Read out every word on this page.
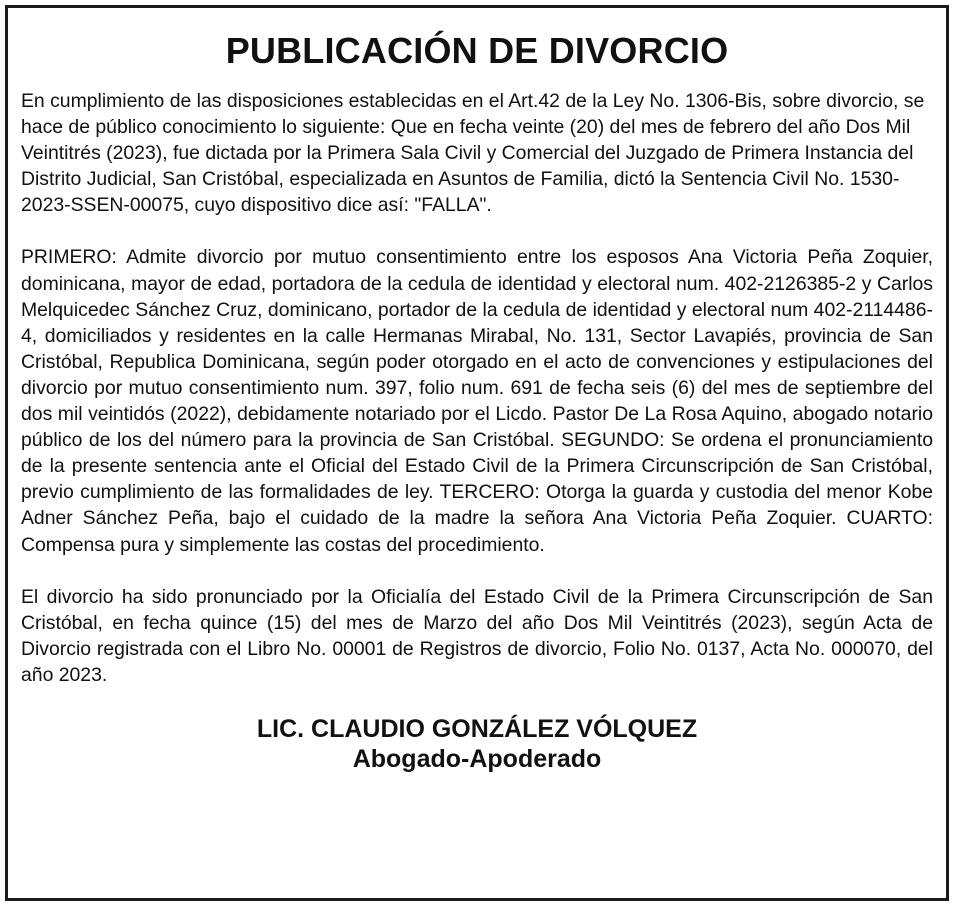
PUBLICACIÓN DE DIVORCIO

En cumplimiento de las disposiciones establecidas en el Art.42 de la Ley No. 1306-Bis, sobre divorcio, se hace de público conocimiento lo siguiente: Que en fecha veinte (20) del mes de febrero del año Dos Mil Veintitrés (2023), fue dictada por la Primera Sala Civil y Comercial del Juzgado de Primera Instancia del Distrito Judicial, San Cristóbal, especializada en Asuntos de Familia, dictó la Sentencia Civil No. 1530-2023-SSEN-00075, cuyo dispositivo dice así: "FALLA".

PRIMERO: Admite divorcio por mutuo consentimiento entre los esposos Ana Victoria Peña Zoquier, dominicana, mayor de edad, portadora de la cedula de identidad y electoral num. 402-2126385-2 y Carlos Melquicedec Sánchez Cruz, dominicano, portador de la cedula de identidad y electoral num 402-2114486-4, domiciliados y residentes en la calle Hermanas Mirabal, No. 131, Sector Lavapiés, provincia de San Cristóbal, Republica Dominicana, según poder otorgado en el acto de convenciones y estipulaciones del divorcio por mutuo consentimiento num. 397, folio num. 691 de fecha seis (6) del mes de septiembre del dos mil veintidós (2022), debidamente notariado por el Licdo. Pastor De La Rosa Aquino, abogado notario público de los del número para la provincia de San Cristóbal. SEGUNDO: Se ordena el pronunciamiento de la presente sentencia ante el Oficial del Estado Civil de la Primera Circunscripción de San Cristóbal, previo cumplimiento de las formalidades de ley. TERCERO: Otorga la guarda y custodia del menor Kobe Adner Sánchez Peña, bajo el cuidado de la madre la señora Ana Victoria Peña Zoquier. CUARTO: Compensa pura y simplemente las costas del procedimiento.

El divorcio ha sido pronunciado por la Oficialía del Estado Civil de la Primera Circunscripción de San Cristóbal, en fecha quince (15) del mes de Marzo del año Dos Mil Veintitrés (2023), según Acta de Divorcio registrada con el Libro No. 00001 de Registros de divorcio, Folio No. 0137, Acta No. 000070, del año 2023.

LIC. CLAUDIO GONZÁLEZ VÓLQUEZ
Abogado-Apoderado
